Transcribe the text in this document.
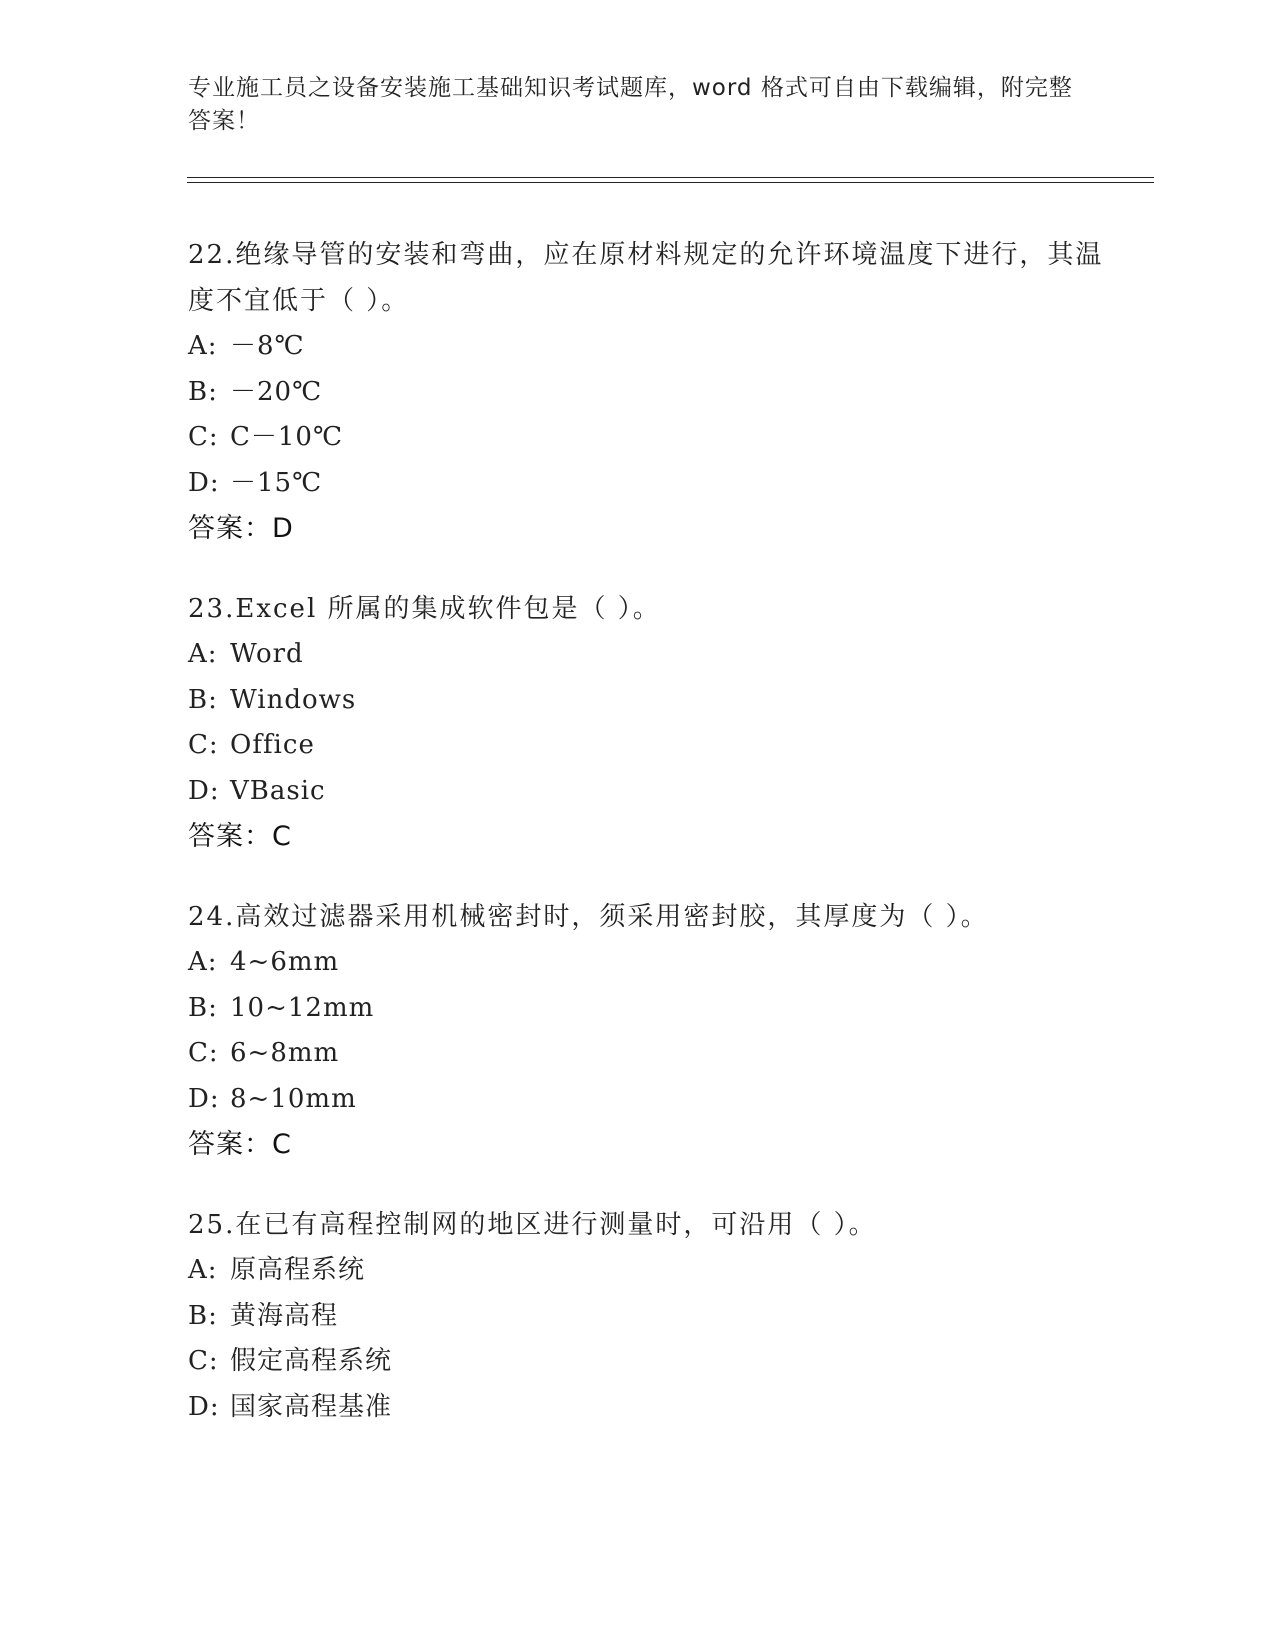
专业施工员之设备安装施工基础知识考试题库，word 格式可自由下载编辑，附完整答案！
22.绝缘导管的安装和弯曲，应在原材料规定的允许环境温度下进行，其温度不宜低于（ ）。
A: －8℃
B: －20℃
C: C－10℃
D: －15℃
答案：D
23.Excel 所属的集成软件包是（ ）。
A: Word
B: Windows
C: Office
D: VBasic
答案：C
24.高效过滤器采用机械密封时，须采用密封胶，其厚度为（ ）。
A: 4~6mm
B: 10~12mm
C: 6~8mm
D: 8~10mm
答案：C
25.在已有高程控制网的地区进行测量时，可沿用（ ）。
A: 原高程系统
B: 黄海高程
C: 假定高程系统
D: 国家高程基准
